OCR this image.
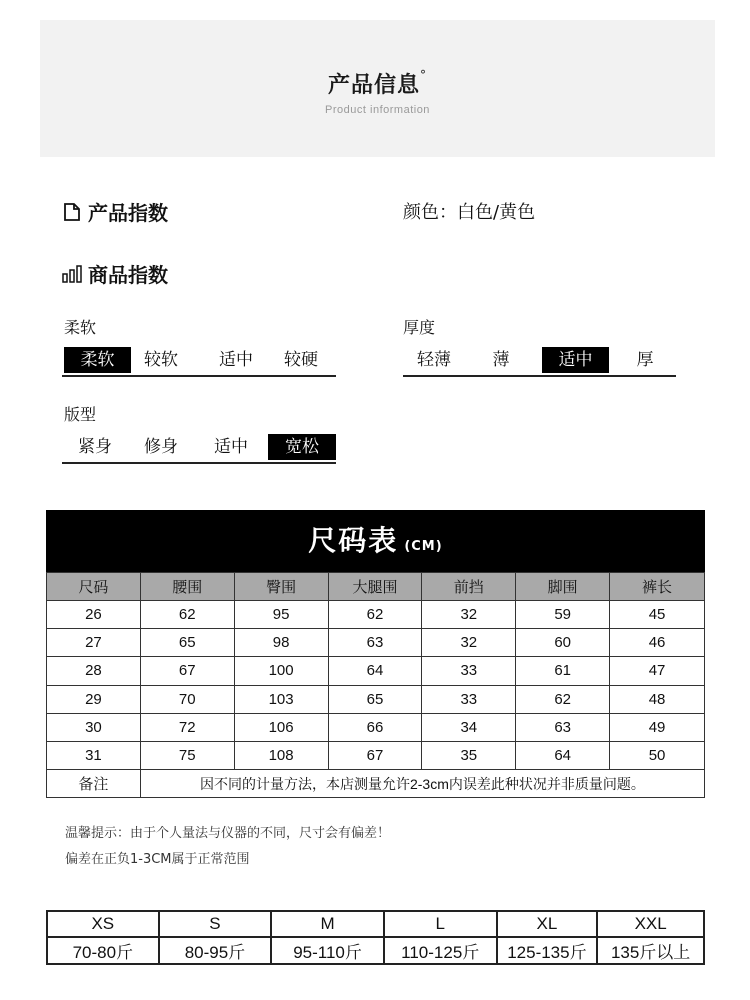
产品信息°
Product information
产品指数	颜色：白色/黄色
商品指数
柔软
柔软	较软	适中	较硬
厚度
轻薄	薄	适中	厚
版型
紧身	修身	适中	宽松
尺码表 (CM)
尺码	腰围	臀围	大腿围	前挡	脚围	裤长
26	62	95	62	32	59	45
27	65	98	63	32	60	46
28	67	100	64	33	61	47
29	70	103	65	33	62	48
30	72	106	66	34	63	49
31	75	108	67	35	64	50
备注	因不同的计量方法，本店测量允许2-3cm内误差此种状况并非质量问题。					
温馨提示：由于个人量法与仪器的不同，尺寸会有偏差！
偏差在正负1-3CM属于正常范围
XS	S	M	L	XL	XXL
70-80斤	80-95斤	95-110斤	110-125斤	125-135斤	135斤以上
